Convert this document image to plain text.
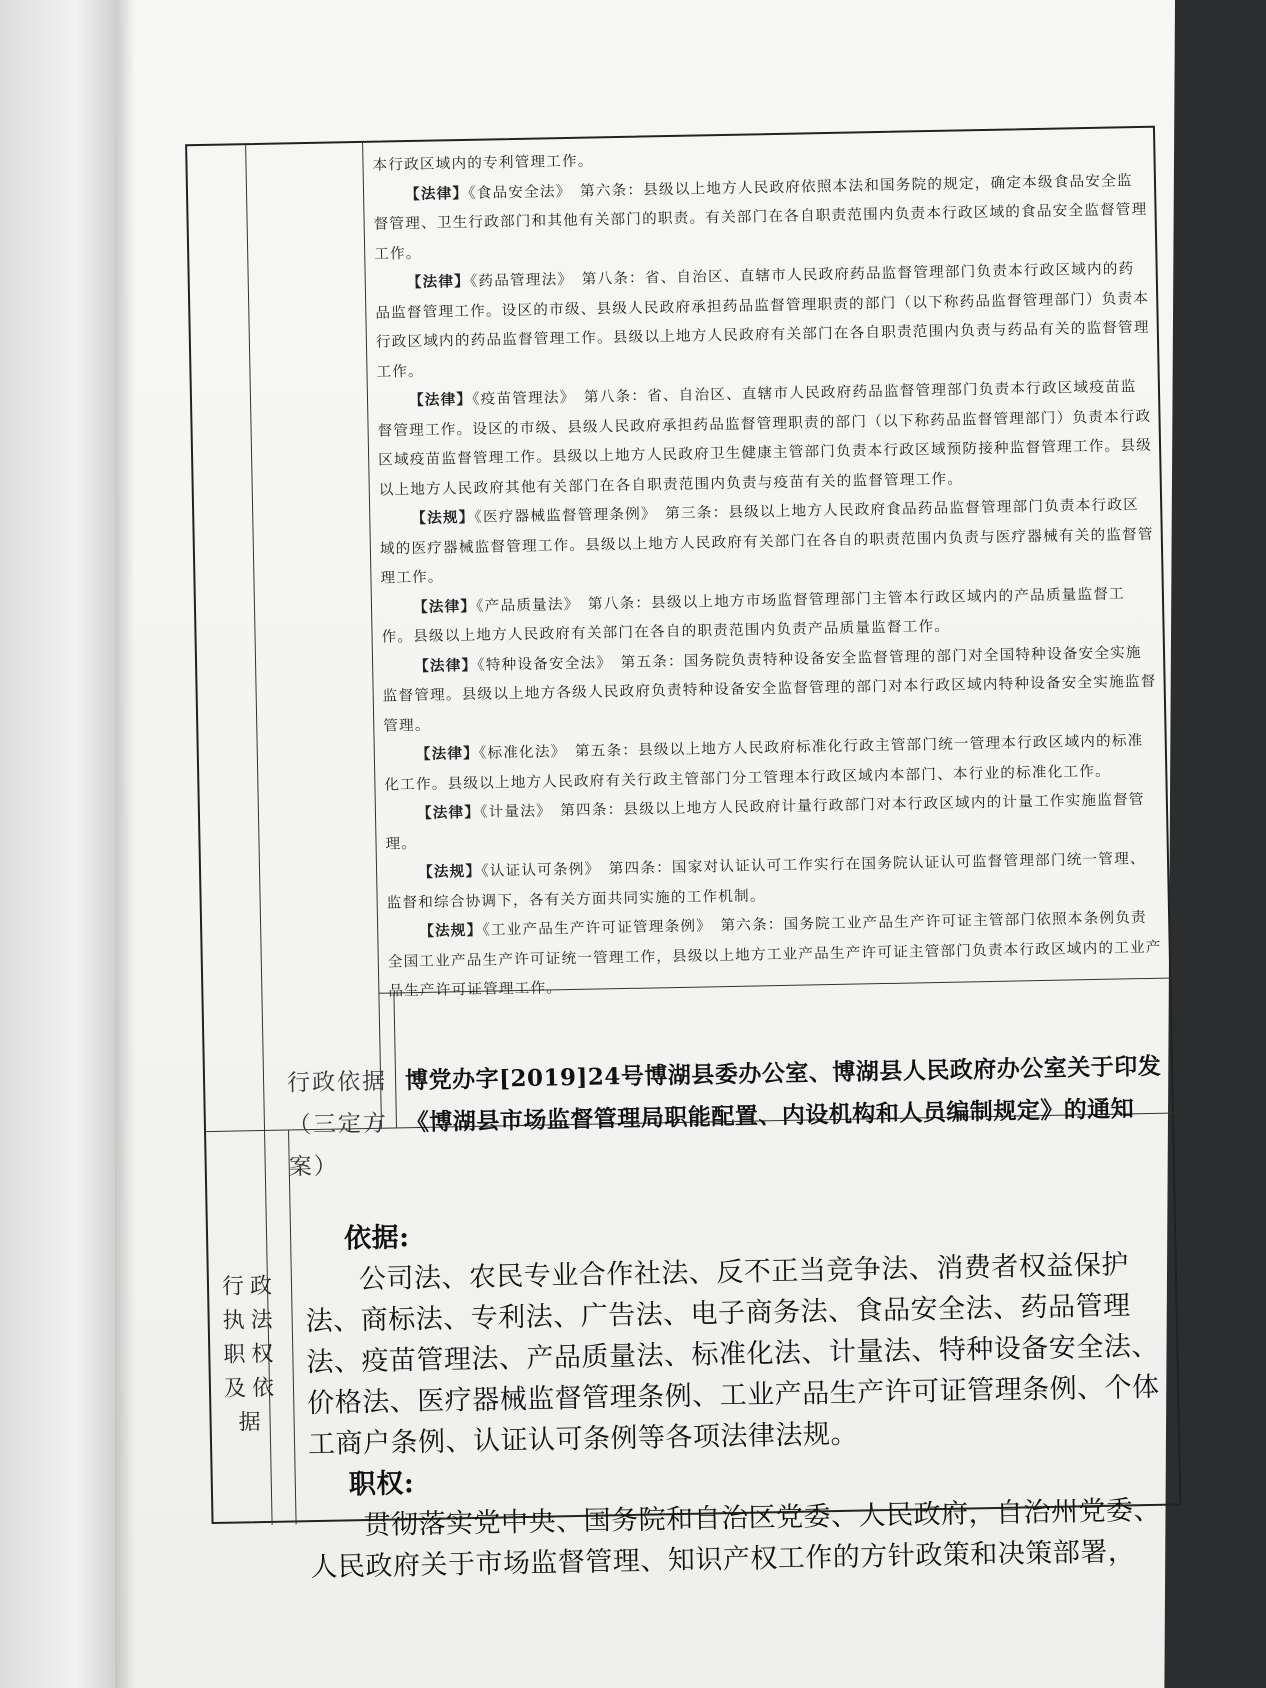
本行政区域内的专利管理工作。

【法律】《食品安全法》　第六条：县级以上地方人民政府依照本法和国务院的规定，确定本级食品安全监督管理、卫生行政部门和其他有关部门的职责。有关部门在各自职责范围内负责本行政区域的食品安全监督管理工作。

【法律】《药品管理法》　第八条：省、自治区、直辖市人民政府药品监督管理部门负责本行政区域内的药品监督管理工作。设区的市级、县级人民政府承担药品监督管理职责的部门（以下称药品监督管理部门）负责本行政区域内的药品监督管理工作。县级以上地方人民政府有关部门在各自职责范围内负责与药品有关的监督管理工作。

【法律】《疫苗管理法》　第八条：省、自治区、直辖市人民政府药品监督管理部门负责本行政区域疫苗监督管理工作。设区的市级、县级人民政府承担药品监督管理职责的部门（以下称药品监督管理部门）负责本行政区域疫苗监督管理工作。县级以上地方人民政府卫生健康主管部门负责本行政区域预防接种监督管理工作。县级以上地方人民政府其他有关部门在各自职责范围内负责与疫苗有关的监督管理工作。

【法规】《医疗器械监督管理条例》　第三条：县级以上地方人民政府食品药品监督管理部门负责本行政区域的医疗器械监督管理工作。县级以上地方人民政府有关部门在各自的职责范围内负责与医疗器械有关的监督管理工作。

【法律】《产品质量法》　第八条：县级以上地方市场监督管理部门主管本行政区域内的产品质量监督工作。县级以上地方人民政府有关部门在各自的职责范围内负责产品质量监督工作。

【法律】《特种设备安全法》　第五条：国务院负责特种设备安全监督管理的部门对全国特种设备安全实施监督管理。县级以上地方各级人民政府负责特种设备安全监督管理的部门对本行政区域内特种设备安全实施监督管理。

【法律】《标准化法》　第五条：县级以上地方人民政府标准化行政主管部门统一管理本行政区域内的标准化工作。县级以上地方人民政府有关行政主管部门分工管理本行政区域内本部门、本行业的标准化工作。

【法律】《计量法》　第四条：县级以上地方人民政府计量行政部门对本行政区域内的计量工作实施监督管理。

【法规】《认证认可条例》　第四条：国家对认证认可工作实行在国务院认证认可监督管理部门统一管理、监督和综合协调下，各有关方面共同实施的工作机制。

【法规】《工业产品生产许可证管理条例》　第六条：国务院工业产品生产许可证主管部门依照本条例负责全国工业产品生产许可证统一管理工作，县级以上地方工业产品生产许可证主管部门负责本行政区域内的工业产品生产许可证管理工作。

行政依据（三定方案）
博党办字[2019]24号博湖县委办公室、博湖县人民政府办公室关于印发《博湖县市场监督管理局职能配置、内设机构和人员编制规定》的通知
行政执法职权及依据
依据:

公司法、农民专业合作社法、反不正当竞争法、消费者权益保护法、商标法、专利法、广告法、电子商务法、食品安全法、药品管理法、疫苗管理法、产品质量法、标准化法、计量法、特种设备安全法、价格法、医疗器械监督管理条例、工业产品生产许可证管理条例、个体工商户条例、认证认可条例等各项法律法规。

职权:

贯彻落实党中央、国务院和自治区党委、人民政府，自治州党委、人民政府关于市场监督管理、知识产权工作的方针政策和决策部署，
